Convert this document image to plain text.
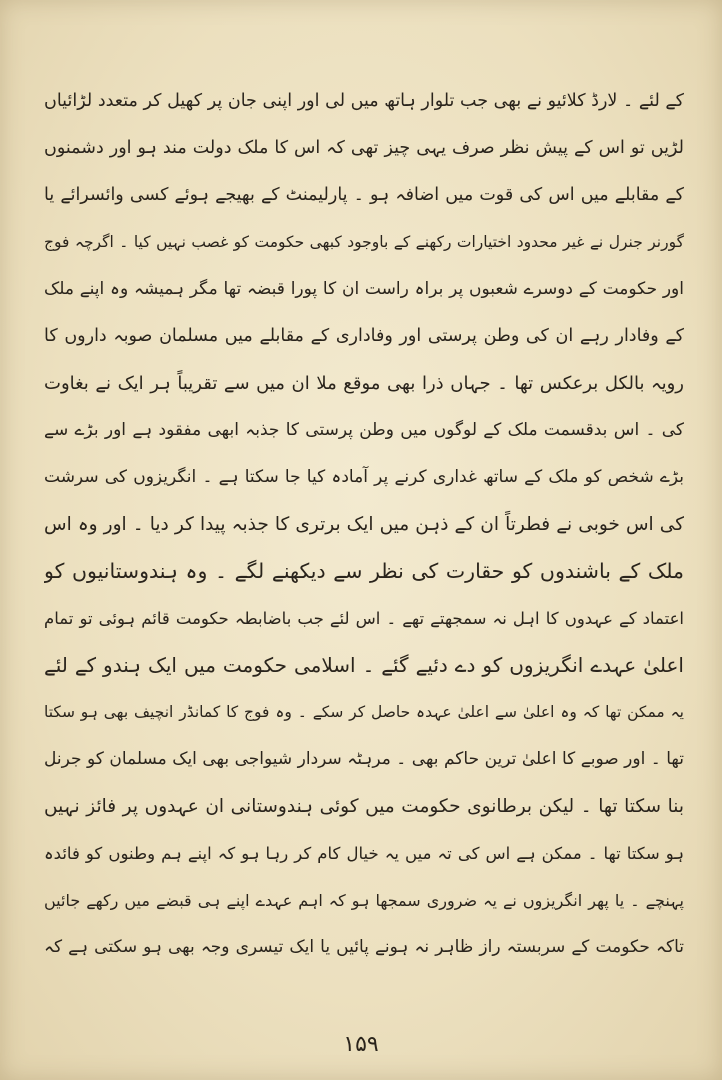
کے لئے ۔ لارڈ کلائیو نے بھی جب تلوار ہاتھ میں لی اور اپنی جان پر کھیل کر متعدد لڑائیاں
لڑیں تو اس کے پیش نظر صرف یہی چیز تھی کہ اس کا ملک دولت مند ہو اور دشمنوں
کے مقابلے میں اس کی قوت میں اضافہ ہو ۔ پارلیمنٹ کے بھیجے ہوئے کسی وائسرائے یا
گورنر جنرل نے غیر محدود اختیارات رکھنے کے باوجود کبھی حکومت کو غصب نہیں کیا ۔ اگرچہ فوج
اور حکومت کے دوسرے شعبوں پر براہ راست ان کا پورا قبضہ تھا مگر ہمیشہ وہ اپنے ملک
کے وفادار رہے ان کی وطن پرستی اور وفاداری کے مقابلے میں مسلمان صوبہ داروں کا
رویہ بالکل برعکس تھا ۔ جہاں ذرا بھی موقع ملا ان میں سے تقریباً ہر ایک نے بغاوت
کی ۔ اس بدقسمت ملک کے لوگوں میں وطن پرستی کا جذبہ ابھی مفقود ہے اور بڑے سے
بڑے شخص کو ملک کے ساتھ غداری کرنے پر آمادہ کیا جا سکتا ہے ۔ انگریزوں کی سرشت
کی اس خوبی نے فطرتاً ان کے ذہن میں ایک برتری کا جذبہ پیدا کر دیا ۔ اور وہ اس
ملک کے باشندوں کو حقارت کی نظر سے دیکھنے لگے ۔ وہ ہندوستانیوں کو
اعتماد کے عہدوں کا اہل نہ سمجھتے تھے ۔ اس لئے جب باضابطہ حکومت قائم ہوئی تو تمام
اعلیٰ عہدے انگریزوں کو دے دئیے گئے ۔ اسلامی حکومت میں ایک ہندو کے لئے
یہ ممکن تھا کہ وہ اعلیٰ سے اعلیٰ عہدہ حاصل کر سکے ۔ وہ فوج کا کمانڈر انچیف بھی ہو سکتا
تھا ۔ اور صوبے کا اعلیٰ ترین حاکم بھی ۔ مرہٹہ سردار شیواجی بھی ایک مسلمان کو جرنل
بنا سکتا تھا ۔ لیکن برطانوی حکومت میں کوئی ہندوستانی ان عہدوں پر فائز نہیں
ہو سکتا تھا ۔ ممکن ہے اس کی تہ میں یہ خیال کام کر رہا ہو کہ اپنے ہم وطنوں کو فائدہ
پہنچے ۔ یا پھر انگریزوں نے یہ ضروری سمجھا ہو کہ اہم عہدے اپنے ہی قبضے میں رکھے جائیں
تاکہ حکومت کے سربستہ راز ظاہر نہ ہونے پائیں یا ایک تیسری وجہ بھی ہو سکتی ہے کہ
۱۵۹
